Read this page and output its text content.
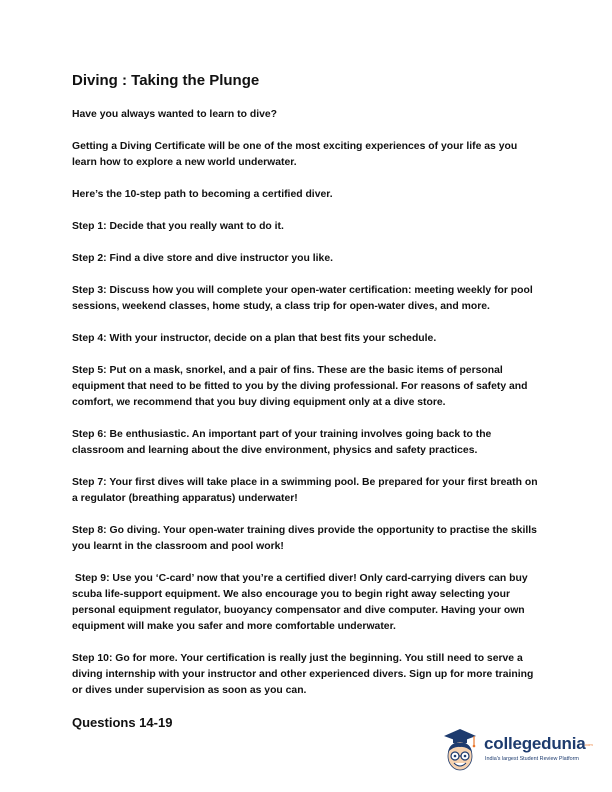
Diving : Taking the Plunge

Have you always wanted to learn to dive?

Getting a Diving Certificate will be one of the most exciting experiences of your life as you learn how to explore a new world underwater.

Here’s the 10-step path to becoming a certified diver.

Step 1: Decide that you really want to do it.

Step 2: Find a dive store and dive instructor you like.

Step 3: Discuss how you will complete your open-water certification: meeting weekly for pool sessions, weekend classes, home study, a class trip for open-water dives, and more.

Step 4: With your instructor, decide on a plan that best fits your schedule.

Step 5: Put on a mask, snorkel, and a pair of fins. These are the basic items of personal equipment that need to be fitted to you by the diving professional. For reasons of safety and comfort, we recommend that you buy diving equipment only at a dive store.

Step 6: Be enthusiastic. An important part of your training involves going back to the classroom and learning about the dive environment, physics and safety practices.

Step 7: Your first dives will take place in a swimming pool. Be prepared for your first breath on a regulator (breathing apparatus) underwater!

Step 8: Go diving. Your open-water training dives provide the opportunity to practise the skills you learnt in the classroom and pool work!

Step 9: Use you ‘C-card’ now that you’re a certified diver! Only card-carrying divers can buy scuba life-support equipment. We also encourage you to begin right away selecting your personal equipment regulator, buoyancy compensator and dive computer. Having your own equipment will make you safer and more comfortable underwater.

Step 10: Go for more. Your certification is really just the beginning. You still need to serve a diving internship with your instructor and other experienced divers. Sign up for more training or dives under supervision as soon as you can.

Questions 14-19
collegedunia
.com
India's largest Student Review Platform
